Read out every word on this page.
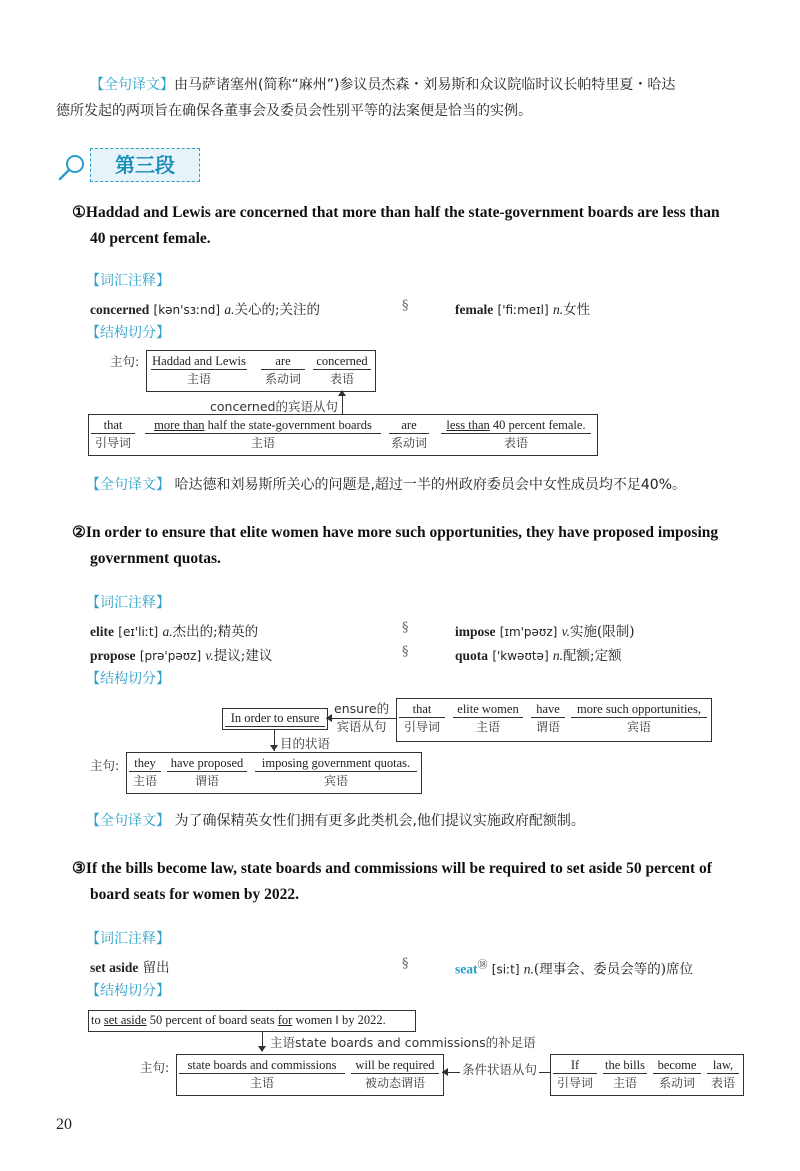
【全句译文】由马萨诸塞州(简称“麻州”)参议员杰森・刘易斯和众议院临时议长帕特里夏・哈达
德所发起的两项旨在确保各董事会及委员会性别平等的法案便是恰当的实例。
第三段
①Haddad and Lewis are concerned that more than half the state-government boards are less than
40 percent female.
【词汇注释】
concerned [kən'sɜːnd] a.关心的;关注的	§	female ['fiːmeɪl] n.女性
【结构切分】
主句: Haddad and Lewis
主语
are
系动词
concerned
表语
concerned的宾语从句
that
引导词
more than half the state-government boards
主语
are
系动词
less than 40 percent female.
表语
【全句译文】 哈达德和刘易斯所关心的问题是,超过一半的州政府委员会中女性成员均不足40%。
②In order to ensure that elite women have more such opportunities, they have proposed imposing
government quotas.
【词汇注释】
elite [eɪ'liːt] a.杰出的;精英的	§	impose [ɪm'pəʊz] v.实施(限制)
propose [prə'pəʊz] v.提议;建议	§	quota ['kwəʊtə] n.配额;定额
【结构切分】
In order to ensure
ensure的
宾语从句
that
引导词
elite women
主语
have
谓语
more such opportunities,
宾语
目的状语
主句:	they
主语
have proposed
谓语
imposing government quotas.
宾语
【全句译文】 为了确保精英女性们拥有更多此类机会,他们提议实施政府配额制。
③If the bills become law, state boards and commissions will be required to set aside 50 percent of
board seats for women by 2022.
【词汇注释】
set aside 留出	§	seat⑱ [siːt] n.(理事会、委员会等的)席位
【结构切分】
to set aside 50 percent of board seats for women ‖ by 2022.
主语state boards and commissions的补足语
主句:	state boards and commissions
主语
will be required
被动态谓语
条件状语从句	If
引导词
the bills
主语
become
系动词
law,
表语
20
